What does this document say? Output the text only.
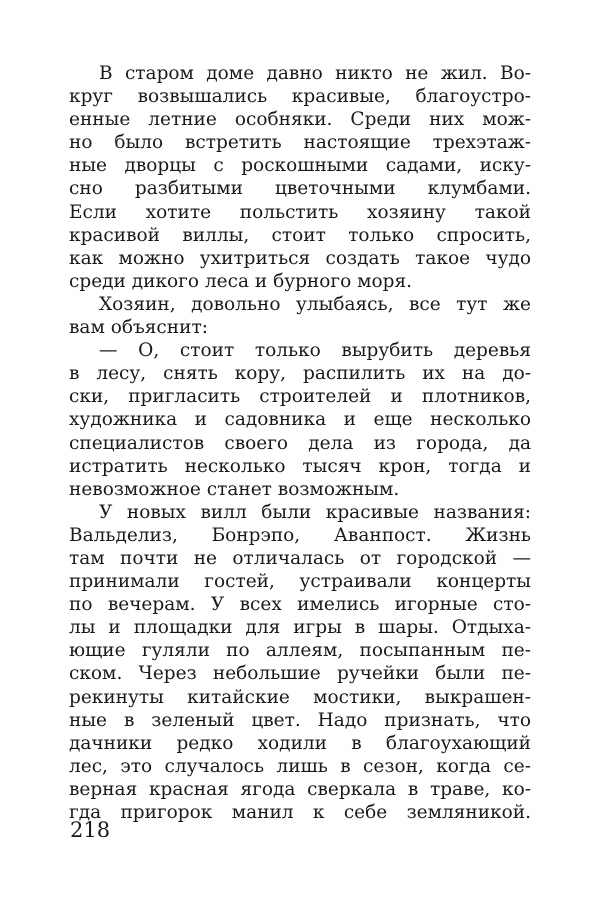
В старом доме давно никто не жил. Во-
круг возвышались красивые, благоустро-
енные летние особняки. Среди них мож-
но было встретить настоящие трехэтаж-
ные дворцы с роскошными садами, иску-
сно разбитыми цветочными клумбами.
Если хотите польстить хозяину такой
красивой виллы, стоит только спросить,
как можно ухитриться создать такое чудо
среди дикого леса и бурного моря.
Хозяин, довольно улыбаясь, все тут же
вам объяснит:
— О, стоит только вырубить деревья
в лесу, снять кору, распилить их на до-
ски, пригласить строителей и плотников,
художника и садовника и еще несколько
специалистов своего дела из города, да
истратить несколько тысяч крон, тогда и
невозможное станет возможным.
У новых вилл были красивые названия:
Вальделиз, Бонрэпо, Аванпост. Жизнь
там почти не отличалась от городской —
принимали гостей, устраивали концерты
по вечерам. У всех имелись игорные сто-
лы и площадки для игры в шары. Отдыха-
ющие гуляли по аллеям, посыпанным пе-
ском. Через небольшие ручейки были пе-
рекинуты китайские мостики, выкрашен-
ные в зеленый цвет. Надо признать, что
дачники редко ходили в благоухающий
лес, это случалось лишь в сезон, когда се-
верная красная ягода сверкала в траве, ко-
гда пригорок манил к себе земляникой.
218
